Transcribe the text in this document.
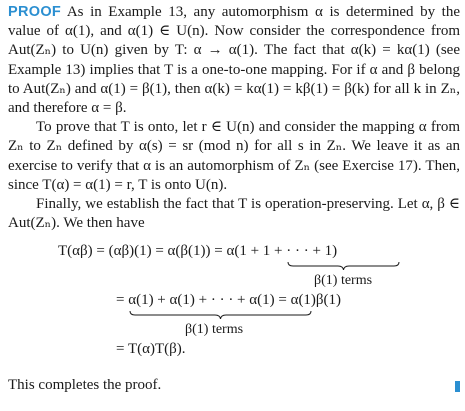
PROOF As in Example 13, any automorphism α is determined by the value of α(1), and α(1) ∈ U(n). Now consider the correspondence from Aut(Zₙ) to U(n) given by T: α → α(1). The fact that α(k) = kα(1) (see Example 13) implies that T is a one-to-one mapping. For if α and β belong to Aut(Zₙ) and α(1) = β(1), then α(k) = kα(1) = kβ(1) = β(k) for all k in Zₙ, and therefore α = β.

To prove that T is onto, let r ∈ U(n) and consider the mapping α from Zₙ to Zₙ defined by α(s) = sr (mod n) for all s in Zₙ. We leave it as an exercise to verify that α is an automorphism of Zₙ (see Exercise 17). Then, since T(α) = α(1) = r, T is onto U(n).

Finally, we establish the fact that T is operation-preserving. Let α, β ∈ Aut(Zₙ). We then have

T(αβ) = (αβ)(1) = α(β(1)) = α(1 + 1 + · · · + 1)
β(1) terms
= α(1) + α(1) + · · · + α(1) = α(1)β(1)
β(1) terms
= T(α)T(β).
This completes the proof.
